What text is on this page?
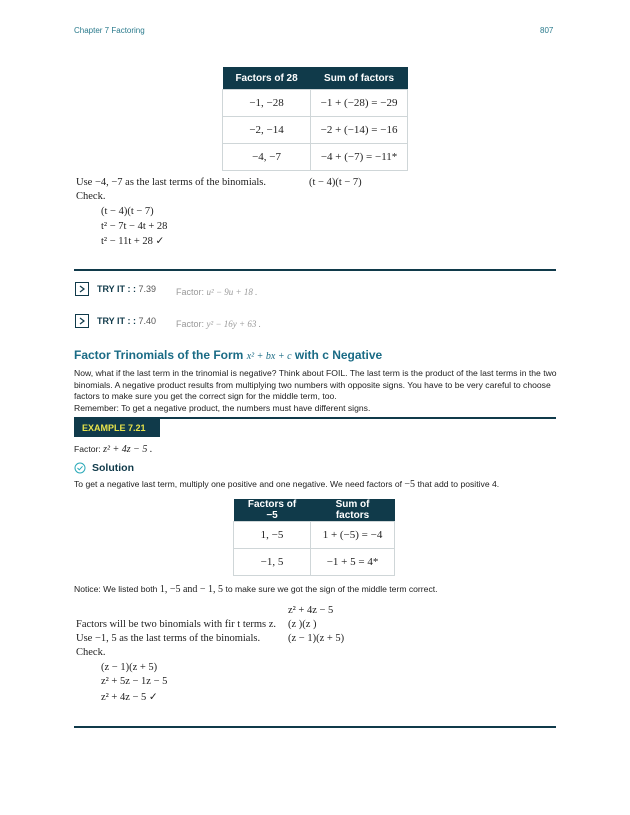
Chapter 7 Factoring	807
Factors of 28	Sum of factors
−1, −28	−1 + (−28) = −29
−2, −14	−2 + (−14) = −16
−4, −7	−4 + (−7) = −11*
Use −4, −7 as the last terms of the binomials.	(t − 4)(t − 7)
Check.
(t − 4)(t − 7)
t² − 7t − 4t + 28
t² − 11t + 28 ✓
TRY IT : : 7.39 Factor: u² − 9u + 18 .
TRY IT : : 7.40 Factor: y² − 16y + 63 .
Factor Trinomials of the Form x² + bx + c with c Negative
Now, what if the last term in the trinomial is negative? Think about FOIL. The last term is the product of the last terms in the two binomials. A negative product results from multiplying two numbers with opposite signs. You have to be very careful to choose factors to make sure you get the correct sign for the middle term, too.
Remember: To get a negative product, the numbers must have different signs.
EXAMPLE 7.21
Factor: z² + 4z − 5 .
Solution
To get a negative last term, multiply one positive and one negative. We need factors of −5 that add to positive 4.
Factors of −5	Sum of factors
1, −5	1 + (−5) = −4
−1, 5	−1 + 5 = 4*
Notice: We listed both 1, −5 and − 1, 5 to make sure we got the sign of the middle term correct.
z² + 4z − 5
Factors will be two binomials with fir t terms z. (z )(z )
Use −1, 5 as the last terms of the binomials.	(z − 1)(z + 5)
Check.
(z − 1)(z + 5)
z² + 5z − 1z − 5
z² + 4z − 5 ✓
